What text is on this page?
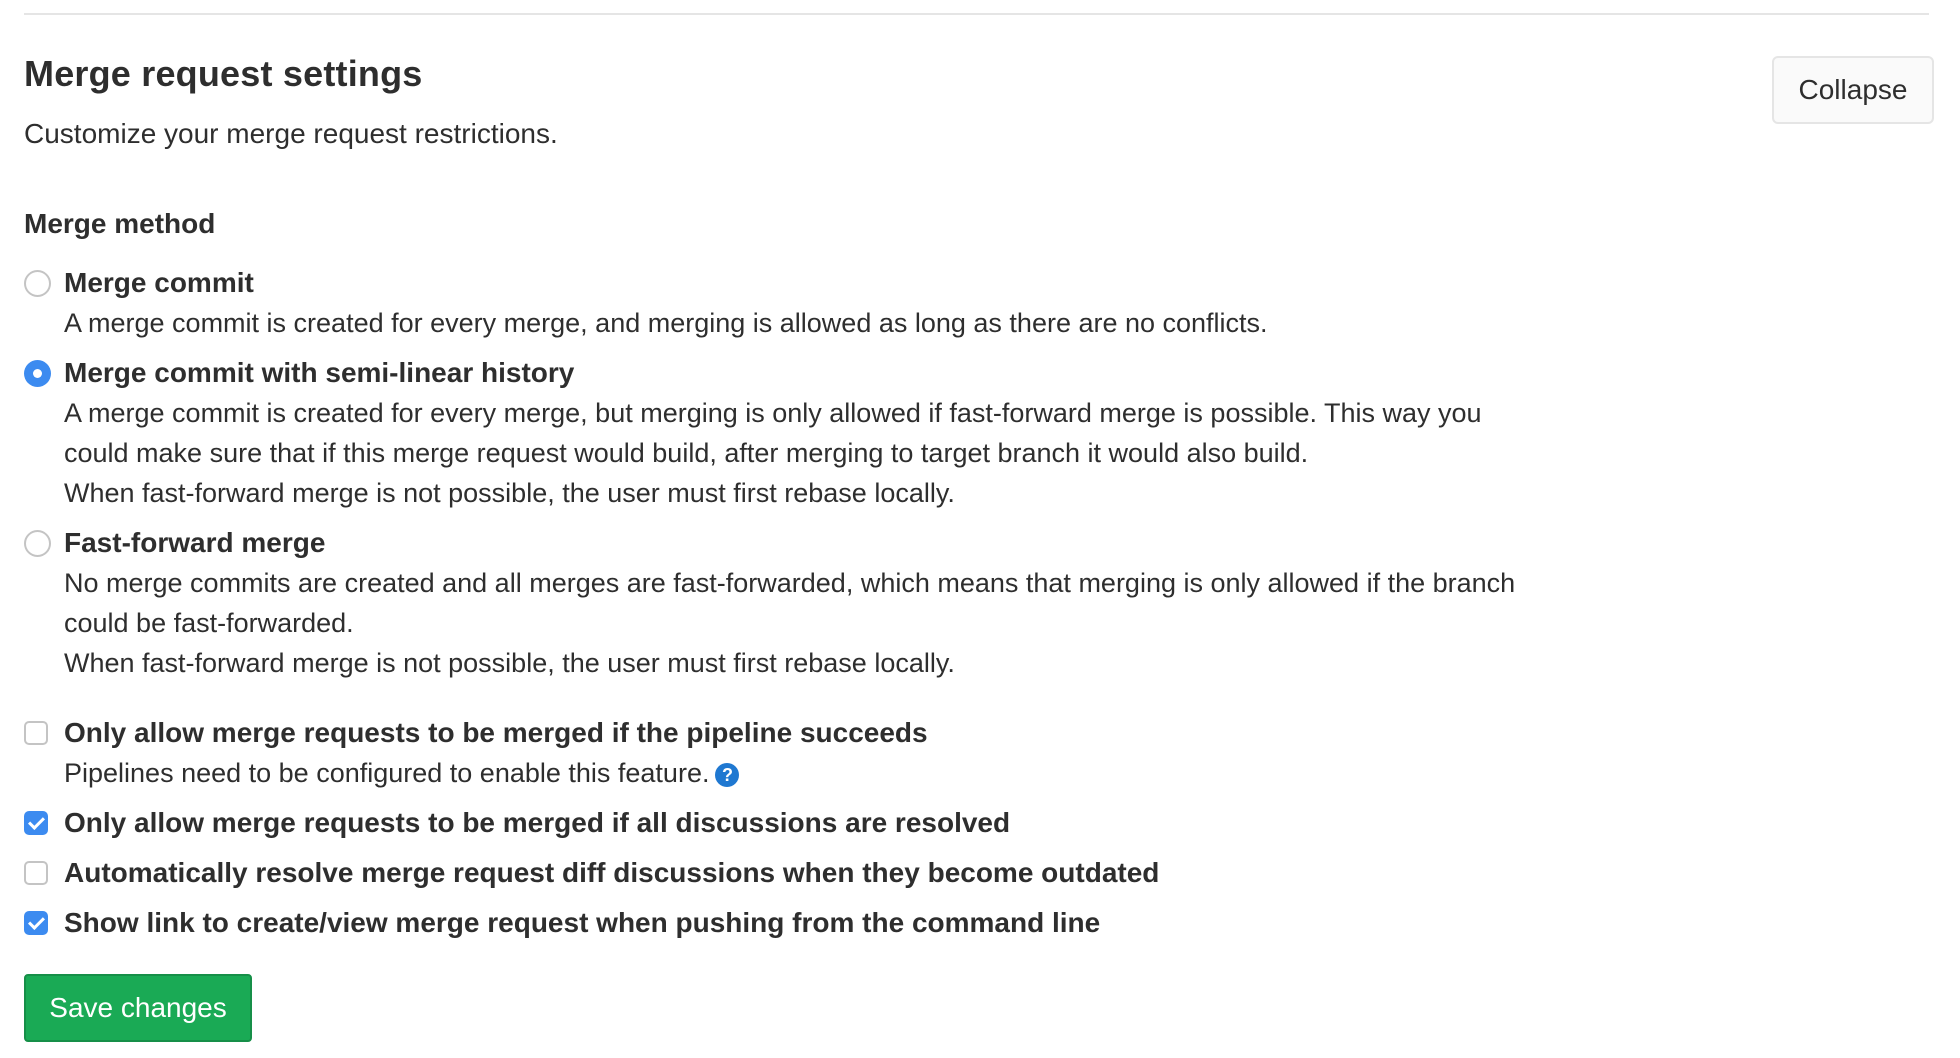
Merge request settings

Customize your merge request restrictions.

Collapse
Merge method
Merge commit
A merge commit is created for every merge, and merging is allowed as long as there are no conflicts.
Merge commit with semi-linear history
A merge commit is created for every merge, but merging is only allowed if fast-forward merge is possible. This way you
could make sure that if this merge request would build, after merging to target branch it would also build.
When fast-forward merge is not possible, the user must first rebase locally.
Fast-forward merge
No merge commits are created and all merges are fast-forwarded, which means that merging is only allowed if the branch
could be fast-forwarded.
When fast-forward merge is not possible, the user must first rebase locally.
Only allow merge requests to be merged if the pipeline succeeds
Pipelines need to be configured to enable this feature. ?
Only allow merge requests to be merged if all discussions are resolved
Automatically resolve merge request diff discussions when they become outdated
Show link to create/view merge request when pushing from the command line
Save changes
